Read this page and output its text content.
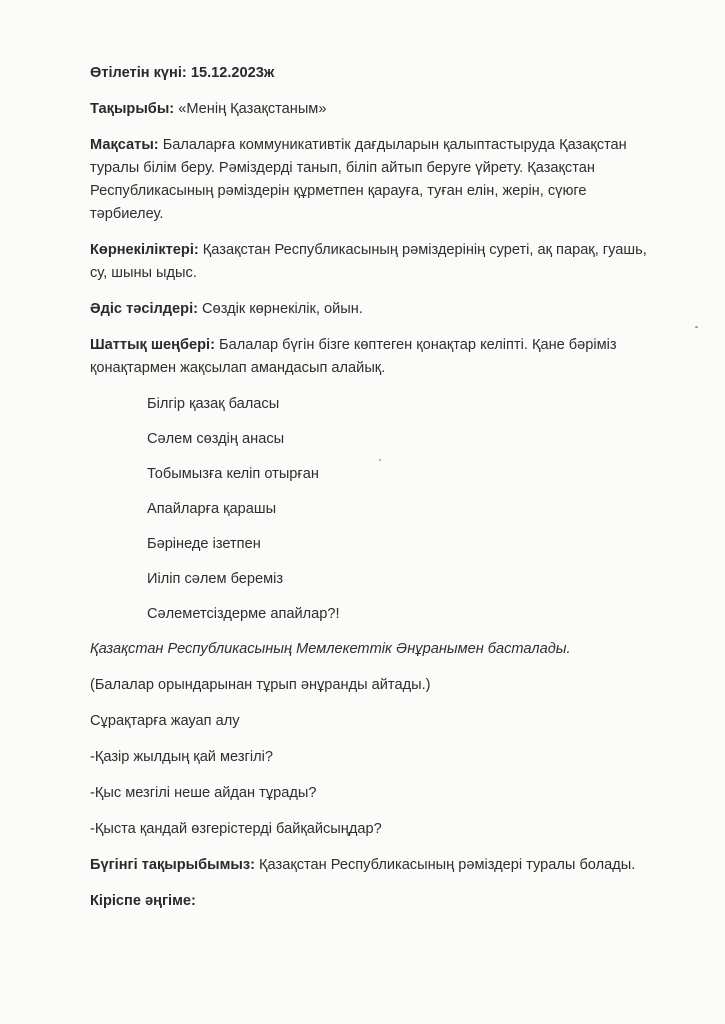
Өтілетін күні: 15.12.2023ж

Тақырыбы: «Менің Қазақстаным»

Мақсаты: Балаларға коммуникативтік дағдыларын қалыптастыруда Қазақстан туралы білім беру. Рәміздерді танып, біліп айтып беруге үйрету. Қазақстан Республикасының рәміздерін құрметпен қарауға, туған елін, жерін, сүюге тәрбиелеу.

Көрнекіліктері: Қазақстан Республикасының рәміздерінің суреті, ақ парақ, гуашь, су, шыны ыдыс.

Әдіс тәсілдері: Сөздік көрнекілік, ойын.

Шаттық шеңбері: Балалар бүгін бізге көптеген қонақтар келіпті. Қане бәріміз қонақтармен жақсылап амандасып алайық.

Білгір қазақ баласы

Сәлем сөздің анасы

Тобымызға келіп отырған

Апайларға қарашы

Бәрінеде ізетпен

Иіліп сәлем береміз

Сәлеметсіздерме апайлар?!

Қазақстан Республикасының Мемлекеттік Әнұранымен басталады.

(Балалар орындарынан тұрып әнұранды айтады.)

Сұрақтарға жауап алу

-Қазір жылдың қай мезгілі?

-Қыс мезгілі неше айдан тұрады?

-Қыста қандай өзгерістерді байқайсыңдар?

Бүгінгі тақырыбымыз: Қазақстан Республикасының рәміздері туралы болады.

Кіріспе әңгіме:
